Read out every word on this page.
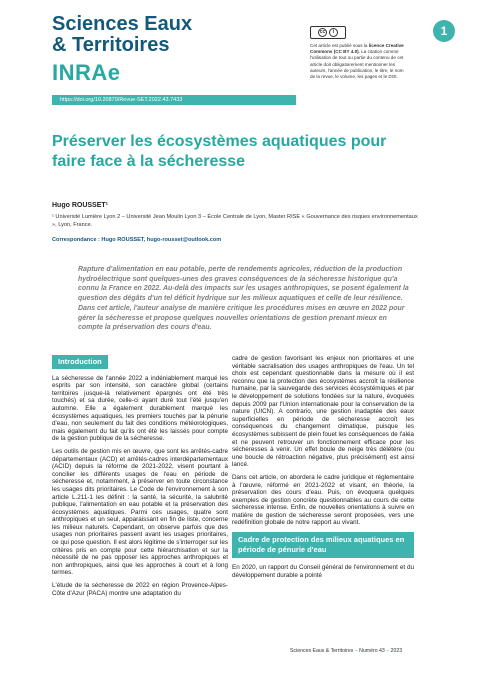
Sciences Eaux
& Territoires
INRAe
https://doi.org/10.20870/Revue-SET.2022.43.7433
cc	i
Cet article est publié sous la licence Creative Commons (CC BY 4.0). La citation comme l'utilisation de tout ou partie du contenu de cet article doit obligatoirement mentionner les auteurs, l'année de publication, le titre, le nom de la revue, le volume, les pages et le DOI.
1
Préserver les écosystèmes aquatiques pour faire face à la sécheresse
Hugo ROUSSET¹
¹ Université Lumière Lyon 2 – Université Jean Moulin Lyon 3 – École Centrale de Lyon, Master RISE « Gouvernance des risques environnementaux », Lyon, France.
Correspondance : Hugo ROUSSET, hugo-rousset@outlook.com

Rapture d'alimentation en eau potable, perte de rendements agricoles, réduction de la production hydroélectrique sont quelques-unes des graves conséquences de la sécheresse historique qu'a connu la France en 2022. Au-delà des impacts sur les usages anthropiques, se posent également la question des dégâts d'un tel déficit hydrique sur les milieux aquatiques et celle de leur résilience. Dans cet article, l'auteur analyse de manière critique les procédures mises en œuvre en 2022 pour gérer la sécheresse et propose quelques nouvelles orientations de gestion prenant mieux en compte la préservation des cours d'eau.

Introduction

La sécheresse de l'année 2022 a indéniablement marqué les esprits par son intensité, son caractère global (certains territoires jusque-là relativement épargnés ont été très touchés) et sa durée, celle-ci ayant duré tout l'été jusqu'en automne. Elle a également durablement marqué les écosystèmes aquatiques, les premiers touchés par la pénurie d'eau, non seulement du fait des conditions météorologiques, mais également du fait qu'ils ont été les laissés pour compte de la gestion publique de la sécheresse.

Les outils de gestion mis en œuvre, que sont les arrêtés-cadre départementaux (ACD) et arrêtés-cadres interdépartementaux (ACID) depuis la réforme de 2021-2022, visent pourtant à concilier les différents usages de l'eau en période de sécheresse et, notamment, à préserver en toute circonstance les usages dits prioritaires. Le Code de l'environnement à son article L.211-1 les définit : la santé, la sécurité, la salubrité publique, l'alimentation en eau potable et la préservation des écosystèmes aquatiques. Parmi ces usages, quatre sont anthropiques et un seul, apparaissant en fin de liste, concerne les milieux naturels. Cependant, on observe parfois que des usages non prioritaires passent avant les usages prioritaires, ce qui pose question. Il est alors légitime de s'interroger sur les critères pris en compte pour cette hiérarchisation et sur la nécessité de ne pas opposer les approches anthropiques et non anthropiques, ainsi que les approches à court et à long termes.

L'étude de la sécheresse de 2022 en région Provence-Alpes-Côte d'Azur (PACA) montre une adaptation du

cadre de gestion favorisant les enjeux non prioritaires et une véritable sacralisation des usages anthropiques de l'eau. Un tel choix est cependant questionnable dans la mesure où il est reconnu que la protection des écosystèmes accroît la résilience humaine, par la sauvegarde des services écosystémiques et par le développement de solutions fondées sur la nature, évoquées depuis 2009 par l'Union internationale pour la conservation de la nature (UICN). A contrario, une gestion inadaptée des eaux superficielles en période de sécheresse accroît les conséquences du changement climatique, puisque les écosystèmes subissent de plein fouet les conséquences de l'aléa et ne peuvent retrouver un fonctionnement efficace pour les sécheresses à venir. Un effet boule de neige très délétère (ou une boucle de rétroaction négative, plus précisément) est ainsi lancé.

Dans cet article, on abordera le cadre juridique et réglementaire à l'œuvre, réformé en 2021-2022 et visant, en théorie, la préservation des cours d'eau. Puis, on évoquera quelques exemples de gestion concrète questionnables au cours de cette sécheresse intense. Enfin, de nouvelles orientations à suivre en matière de gestion de sécheresse seront proposées, vers une redéfinition globale de notre rapport au vivant.

Cadre de protection des milieux aquatiques en période de pénurie d'eau

En 2020, un rapport du Conseil général de l'environnement et du développement durable a pointé

Sciences Eaux & Territoires – Numéro 43 – 2023
